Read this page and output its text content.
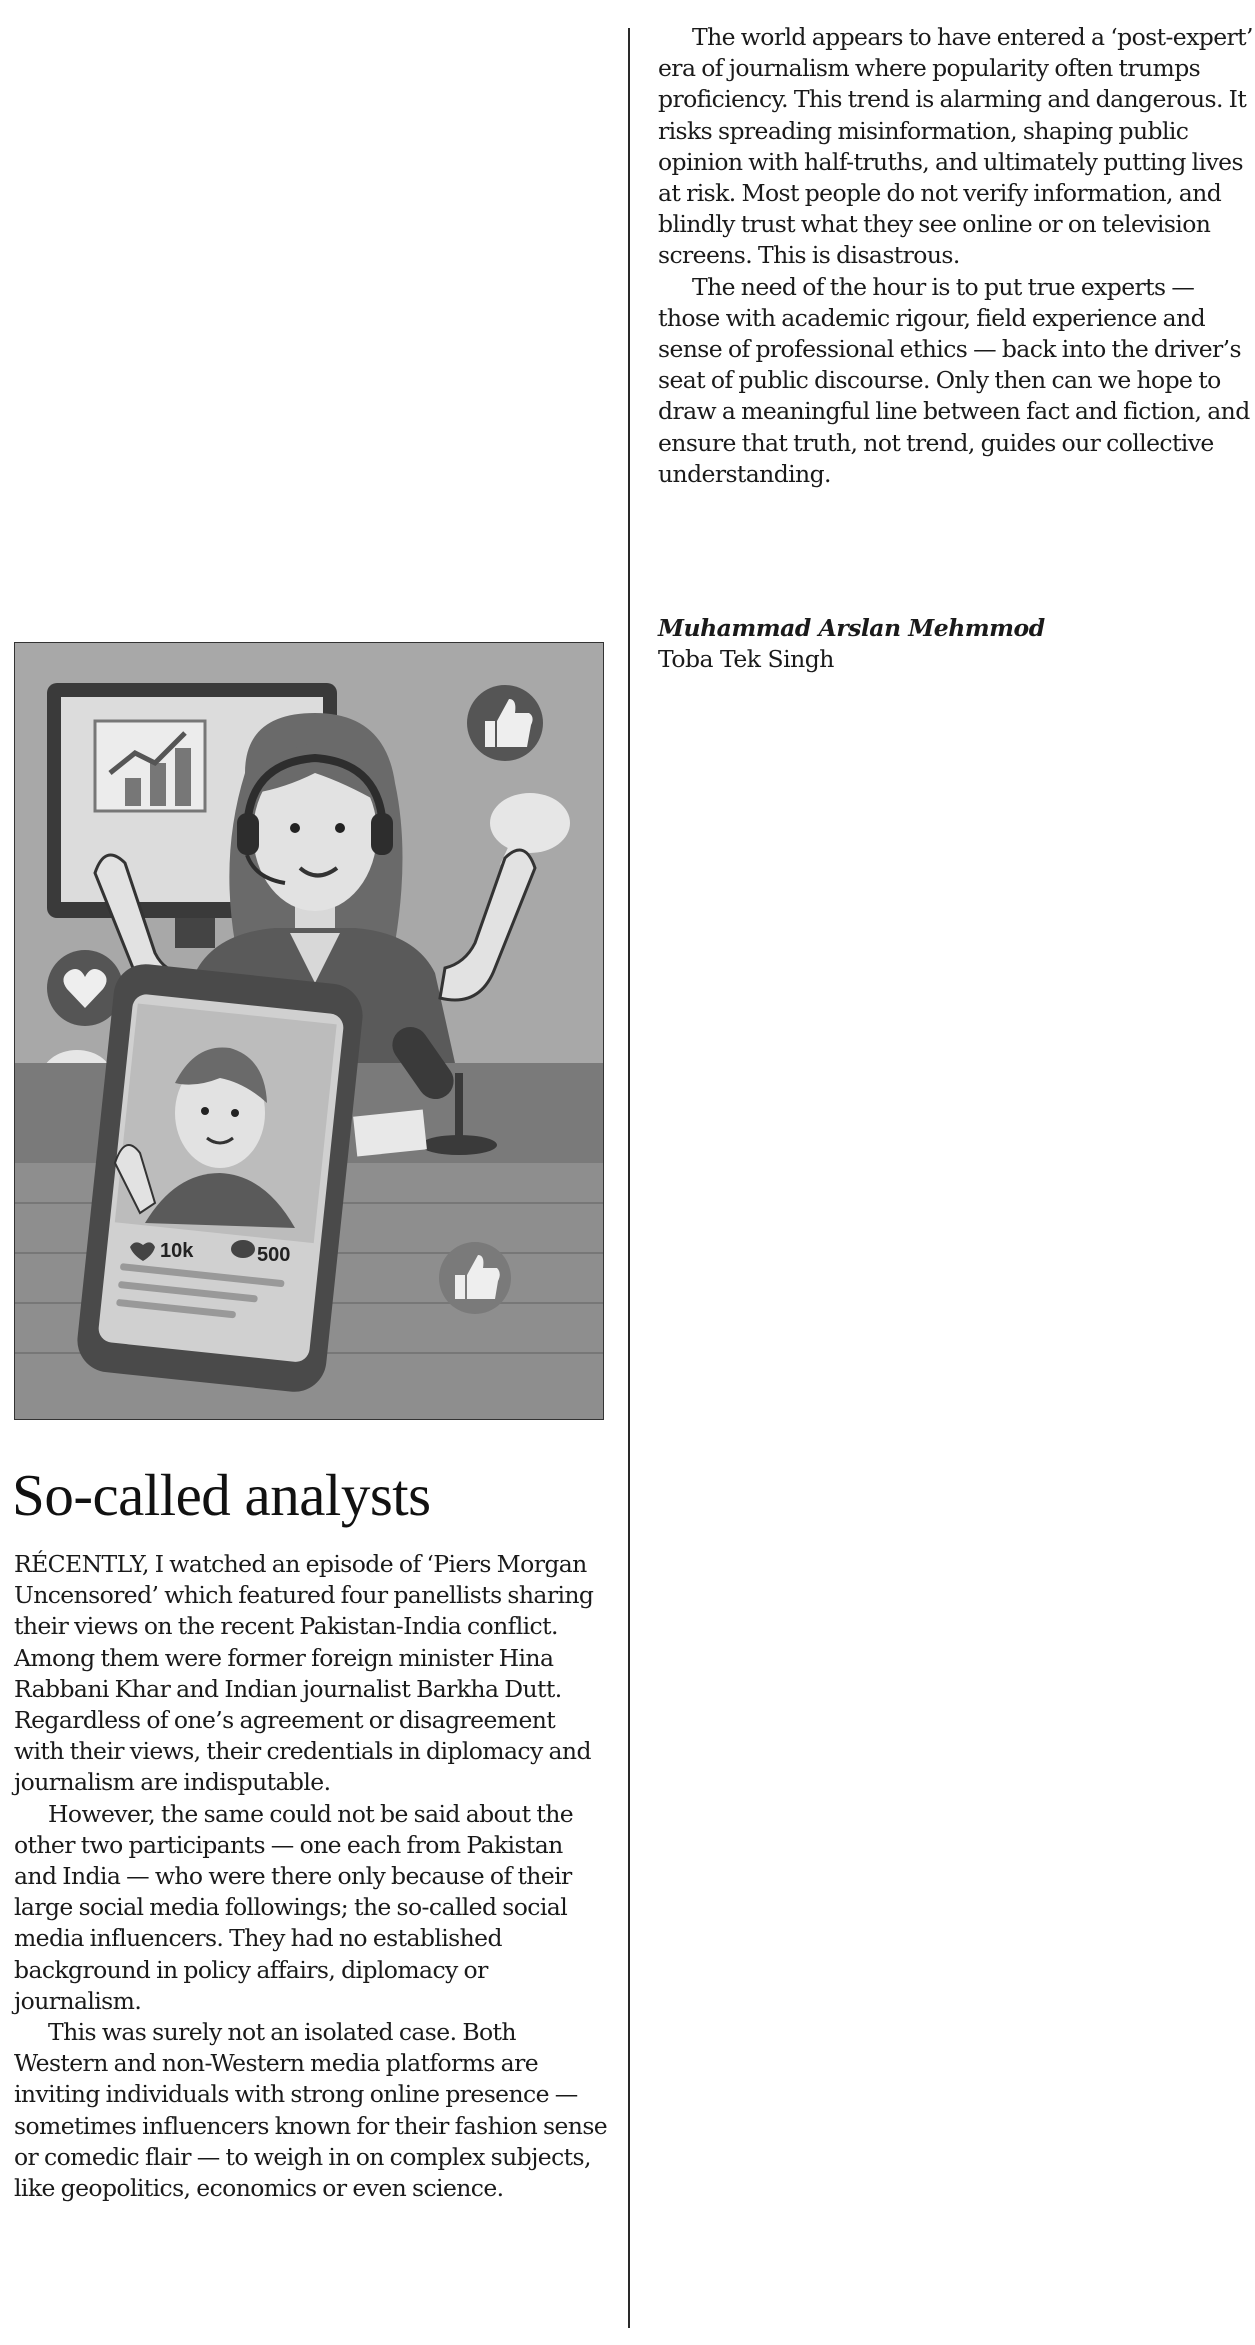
10k	500
So-called analysts

RÉCENTLY, I watched an episode of ‘Piers Morgan Uncensored’ which featured four panellists sharing their views on the recent Pakistan-India conflict. Among them were former foreign minister Hina Rabbani Khar and Indian journalist Barkha Dutt. Regardless of one’s agreement or disagreement with their views, their credentials in diplomacy and journalism are indisputable.

However, the same could not be said about the other two participants — one each from Pakistan and India — who were there only because of their large social media followings; the so-called social media influencers. They had no established background in policy affairs, diplomacy or journalism.

This was surely not an isolated case. Both Western and non-Western media platforms are inviting individuals with strong online presence — sometimes influencers known for their fashion sense or comedic flair — to weigh in on complex subjects, like geopolitics, economics or even science.

The world appears to have entered a ‘post-expert’ era of journalism where popularity often trumps proficiency. This trend is alarming and dangerous. It risks spreading misinformation, shaping public opinion with half-truths, and ultimately putting lives at risk. Most people do not verify information, and blindly trust what they see online or on television screens. This is disastrous.

The need of the hour is to put true experts — those with academic rigour, field experience and sense of professional ethics — back into the driver’s seat of public discourse. Only then can we hope to draw a meaningful line between fact and fiction, and ensure that truth, not trend, guides our collective understanding.

Muhammad Arslan Mehmmod
Toba Tek Singh
